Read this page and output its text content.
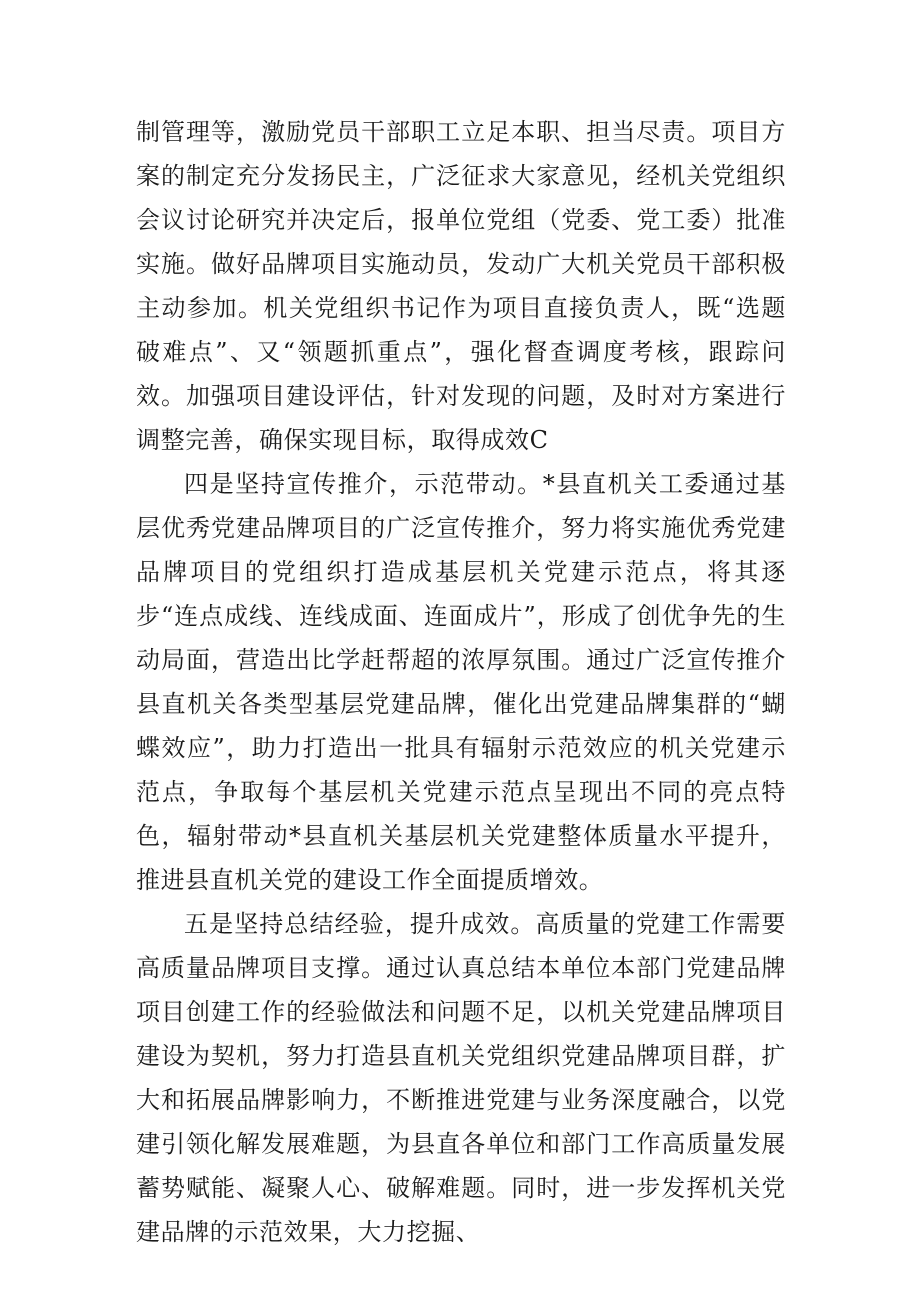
制管理等，激励党员干部职工立足本职、担当尽责。项目方案的制定充分发扬民主，广泛征求大家意见，经机关党组织会议讨论研究并决定后，报单位党组（党委、党工委）批准实施。做好品牌项目实施动员，发动广大机关党员干部积极主动参加。机关党组织书记作为项目直接负责人，既“选题破难点”、又“领题抓重点”，强化督查调度考核，跟踪问效。加强项目建设评估，针对发现的问题，及时对方案进行调整完善，确保实现目标，取得成效C

四是坚持宣传推介，示范带动。*县直机关工委通过基层优秀党建品牌项目的广泛宣传推介，努力将实施优秀党建品牌项目的党组织打造成基层机关党建示范点，将其逐步“连点成线、连线成面、连面成片”，形成了创优争先的生动局面，营造出比学赶帮超的浓厚氛围。通过广泛宣传推介县直机关各类型基层党建品牌，催化出党建品牌集群的“蝴蝶效应”，助力打造出一批具有辐射示范效应的机关党建示范点，争取每个基层机关党建示范点呈现出不同的亮点特色，辐射带动*县直机关基层机关党建整体质量水平提升，推进县直机关党的建设工作全面提质增效。

五是坚持总结经验，提升成效。高质量的党建工作需要高质量品牌项目支撑。通过认真总结本单位本部门党建品牌项目创建工作的经验做法和问题不足，以机关党建品牌项目建设为契机，努力打造县直机关党组织党建品牌项目群，扩大和拓展品牌影响力，不断推进党建与业务深度融合，以党建引领化解发展难题，为县直各单位和部门工作高质量发展蓄势赋能、凝聚人心、破解难题。同时，进一步发挥机关党建品牌的示范效果，大力挖掘、
